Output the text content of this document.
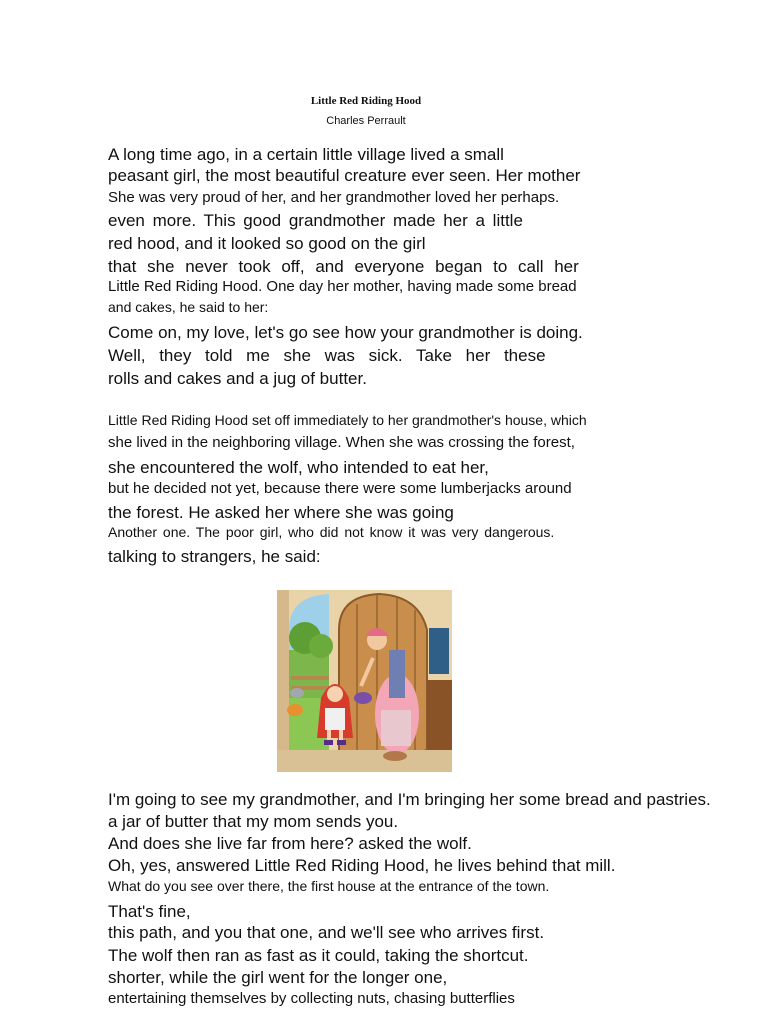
Little Red Riding Hood
Charles Perrault
A long time ago, in a certain little village lived a small
peasant girl, the most beautiful creature ever seen. Her mother
She was very proud of her, and her grandmother loved her perhaps.
even more. This good grandmother made her a little
red hood, and it looked so good on the girl
that she never took off, and everyone began to call her
Little Red Riding Hood. One day her mother, having made some bread
and cakes, he said to her:
Come on, my love, let's go see how your grandmother is doing.
Well, they told me she was sick. Take her these
rolls and cakes and a jug of butter.
Little Red Riding Hood set off immediately to her grandmother's house, which
she lived in the neighboring village. When she was crossing the forest,
she encountered the wolf, who intended to eat her,
but he decided not yet, because there were some lumberjacks around
the forest. He asked her where she was going
Another one. The poor girl, who did not know it was very dangerous.
talking to strangers, he said:
I'm going to see my grandmother, and I'm bringing her some bread and pastries.
a jar of butter that my mom sends you.
And does she live far from here? asked the wolf.
Oh, yes, answered Little Red Riding Hood, he lives behind that mill.
What do you see over there, the first house at the entrance of the town.
That's fine,
this path, and you that one, and we'll see who arrives first.
The wolf then ran as fast as it could, taking the shortcut.
shorter, while the girl went for the longer one,
entertaining themselves by collecting nuts, chasing butterflies
